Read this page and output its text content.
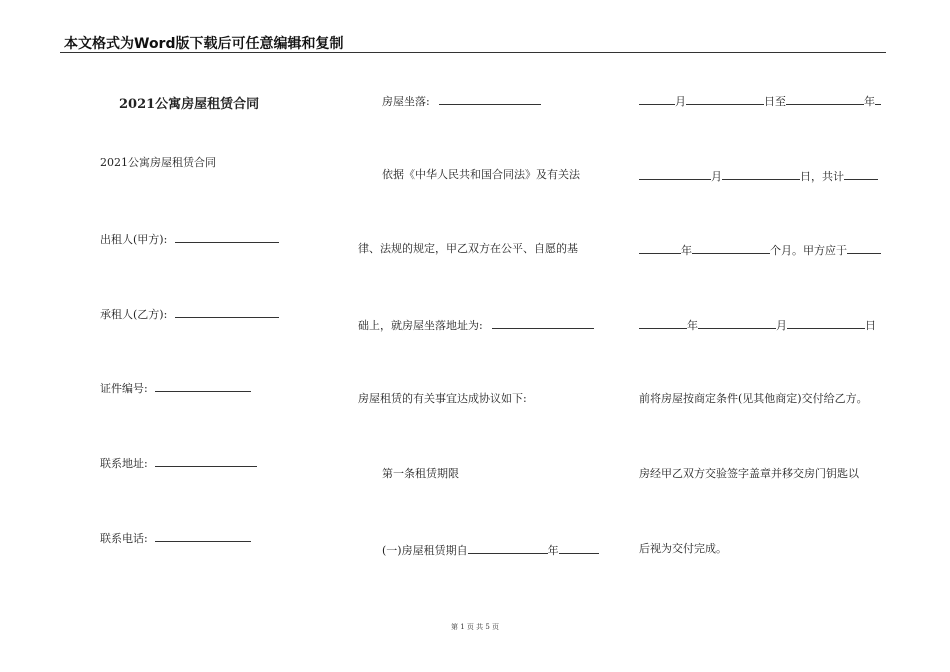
本文格式为Word版下载后可任意编辑和复制
2021公寓房屋租赁合同
2021公寓房屋租赁合同
出租人(甲方):
承租人(乙方):
证件编号:
联系地址:
联系电话:
房屋坐落:
依据《中华人民共和国合同法》及有关法
律、法规的规定，甲乙双方在公平、自愿的基
础上，就房屋坐落地址为:
房屋租赁的有关事宜达成协议如下:
第一条租赁期限
(一)房屋租赁期自	年
月	日至	年
月	日，共计
年	个月。甲方应于
年	月	日
前将房屋按商定条件(见其他商定)交付给乙方。
房经甲乙双方交验签字盖章并移交房门钥匙以
后视为交付完成。
第 1 页 共 5 页
